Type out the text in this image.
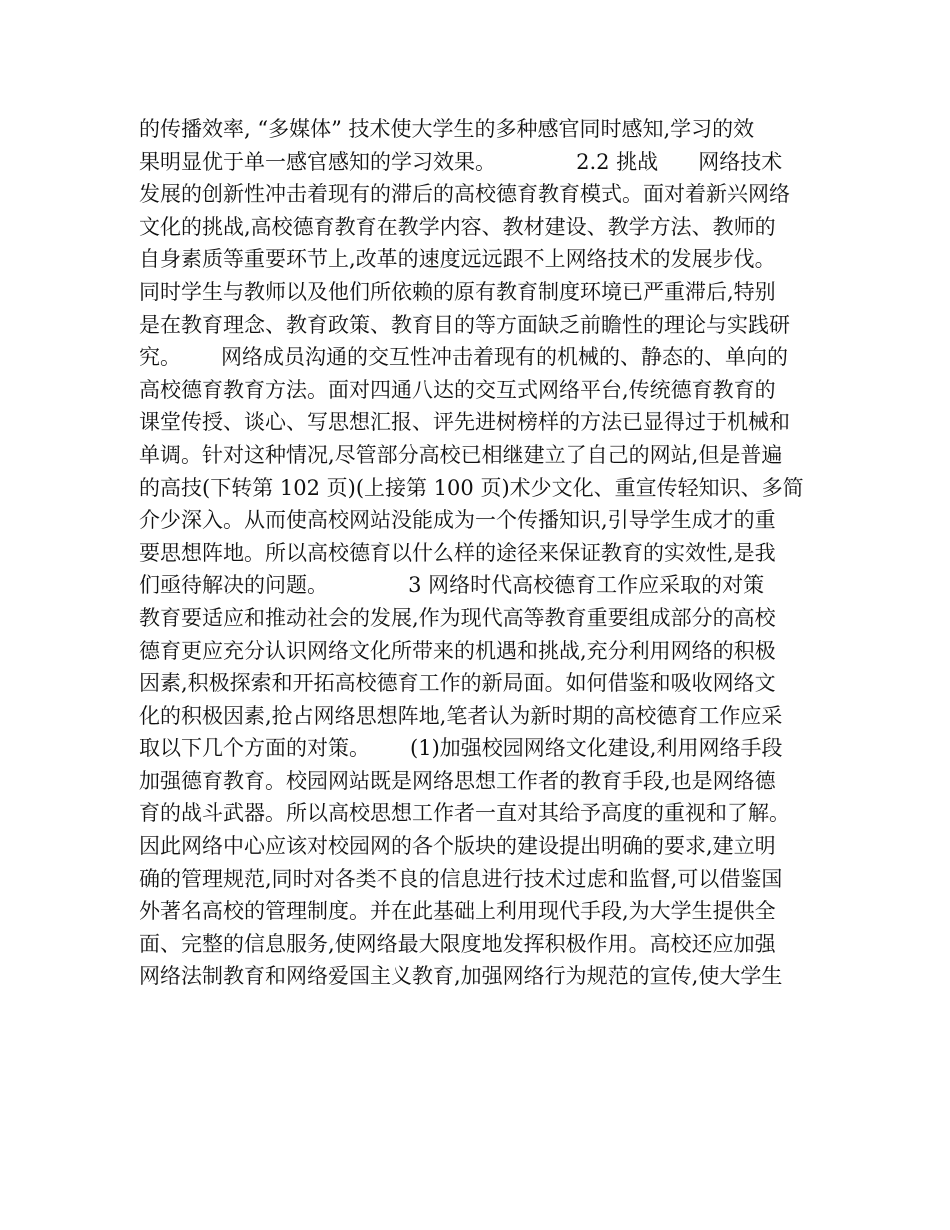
的传播效率, “多媒体” 技术使大学生的多种感官同时感知,学习的效
果明显优于单一感官感知的学习效果。            2.2 挑战      网络技术
发展的创新性冲击着现有的滞后的高校德育教育模式。面对着新兴网络
文化的挑战,高校德育教育在教学内容、教材建设、教学方法、教师的
自身素质等重要环节上,改革的速度远远跟不上网络技术的发展步伐。
同时学生与教师以及他们所依赖的原有教育制度环境已严重滞后,特别
是在教育理念、教育政策、教育目的等方面缺乏前瞻性的理论与实践研
究。      网络成员沟通的交互性冲击着现有的机械的、静态的、单向的
高校德育教育方法。面对四通八达的交互式网络平台,传统德育教育的
课堂传授、谈心、写思想汇报、评先进树榜样的方法已显得过于机械和
单调。针对这种情况,尽管部分高校已相继建立了自己的网站,但是普遍
的高技(下转第 102 页)(上接第 100 页)术少文化、重宣传轻知识、多简
介少深入。从而使高校网站没能成为一个传播知识,引导学生成才的重
要思想阵地。所以高校德育以什么样的途径来保证教育的实效性,是我
们亟待解决的问题。            3 网络时代高校德育工作应采取的对策
教育要适应和推动社会的发展,作为现代高等教育重要组成部分的高校
德育更应充分认识网络文化所带来的机遇和挑战,充分利用网络的积极
因素,积极探索和开拓高校德育工作的新局面。如何借鉴和吸收网络文
化的积极因素,抢占网络思想阵地,笔者认为新时期的高校德育工作应采
取以下几个方面的对策。      (1)加强校园网络文化建设,利用网络手段
加强德育教育。校园网站既是网络思想工作者的教育手段,也是网络德
育的战斗武器。所以高校思想工作者一直对其给予高度的重视和了解。
因此网络中心应该对校园网的各个版块的建设提出明确的要求,建立明
确的管理规范,同时对各类不良的信息进行技术过虑和监督,可以借鉴国
外著名高校的管理制度。并在此基础上利用现代手段,为大学生提供全
面、完整的信息服务,使网络最大限度地发挥积极作用。高校还应加强
网络法制教育和网络爱国主义教育,加强网络行为规范的宣传,使大学生
